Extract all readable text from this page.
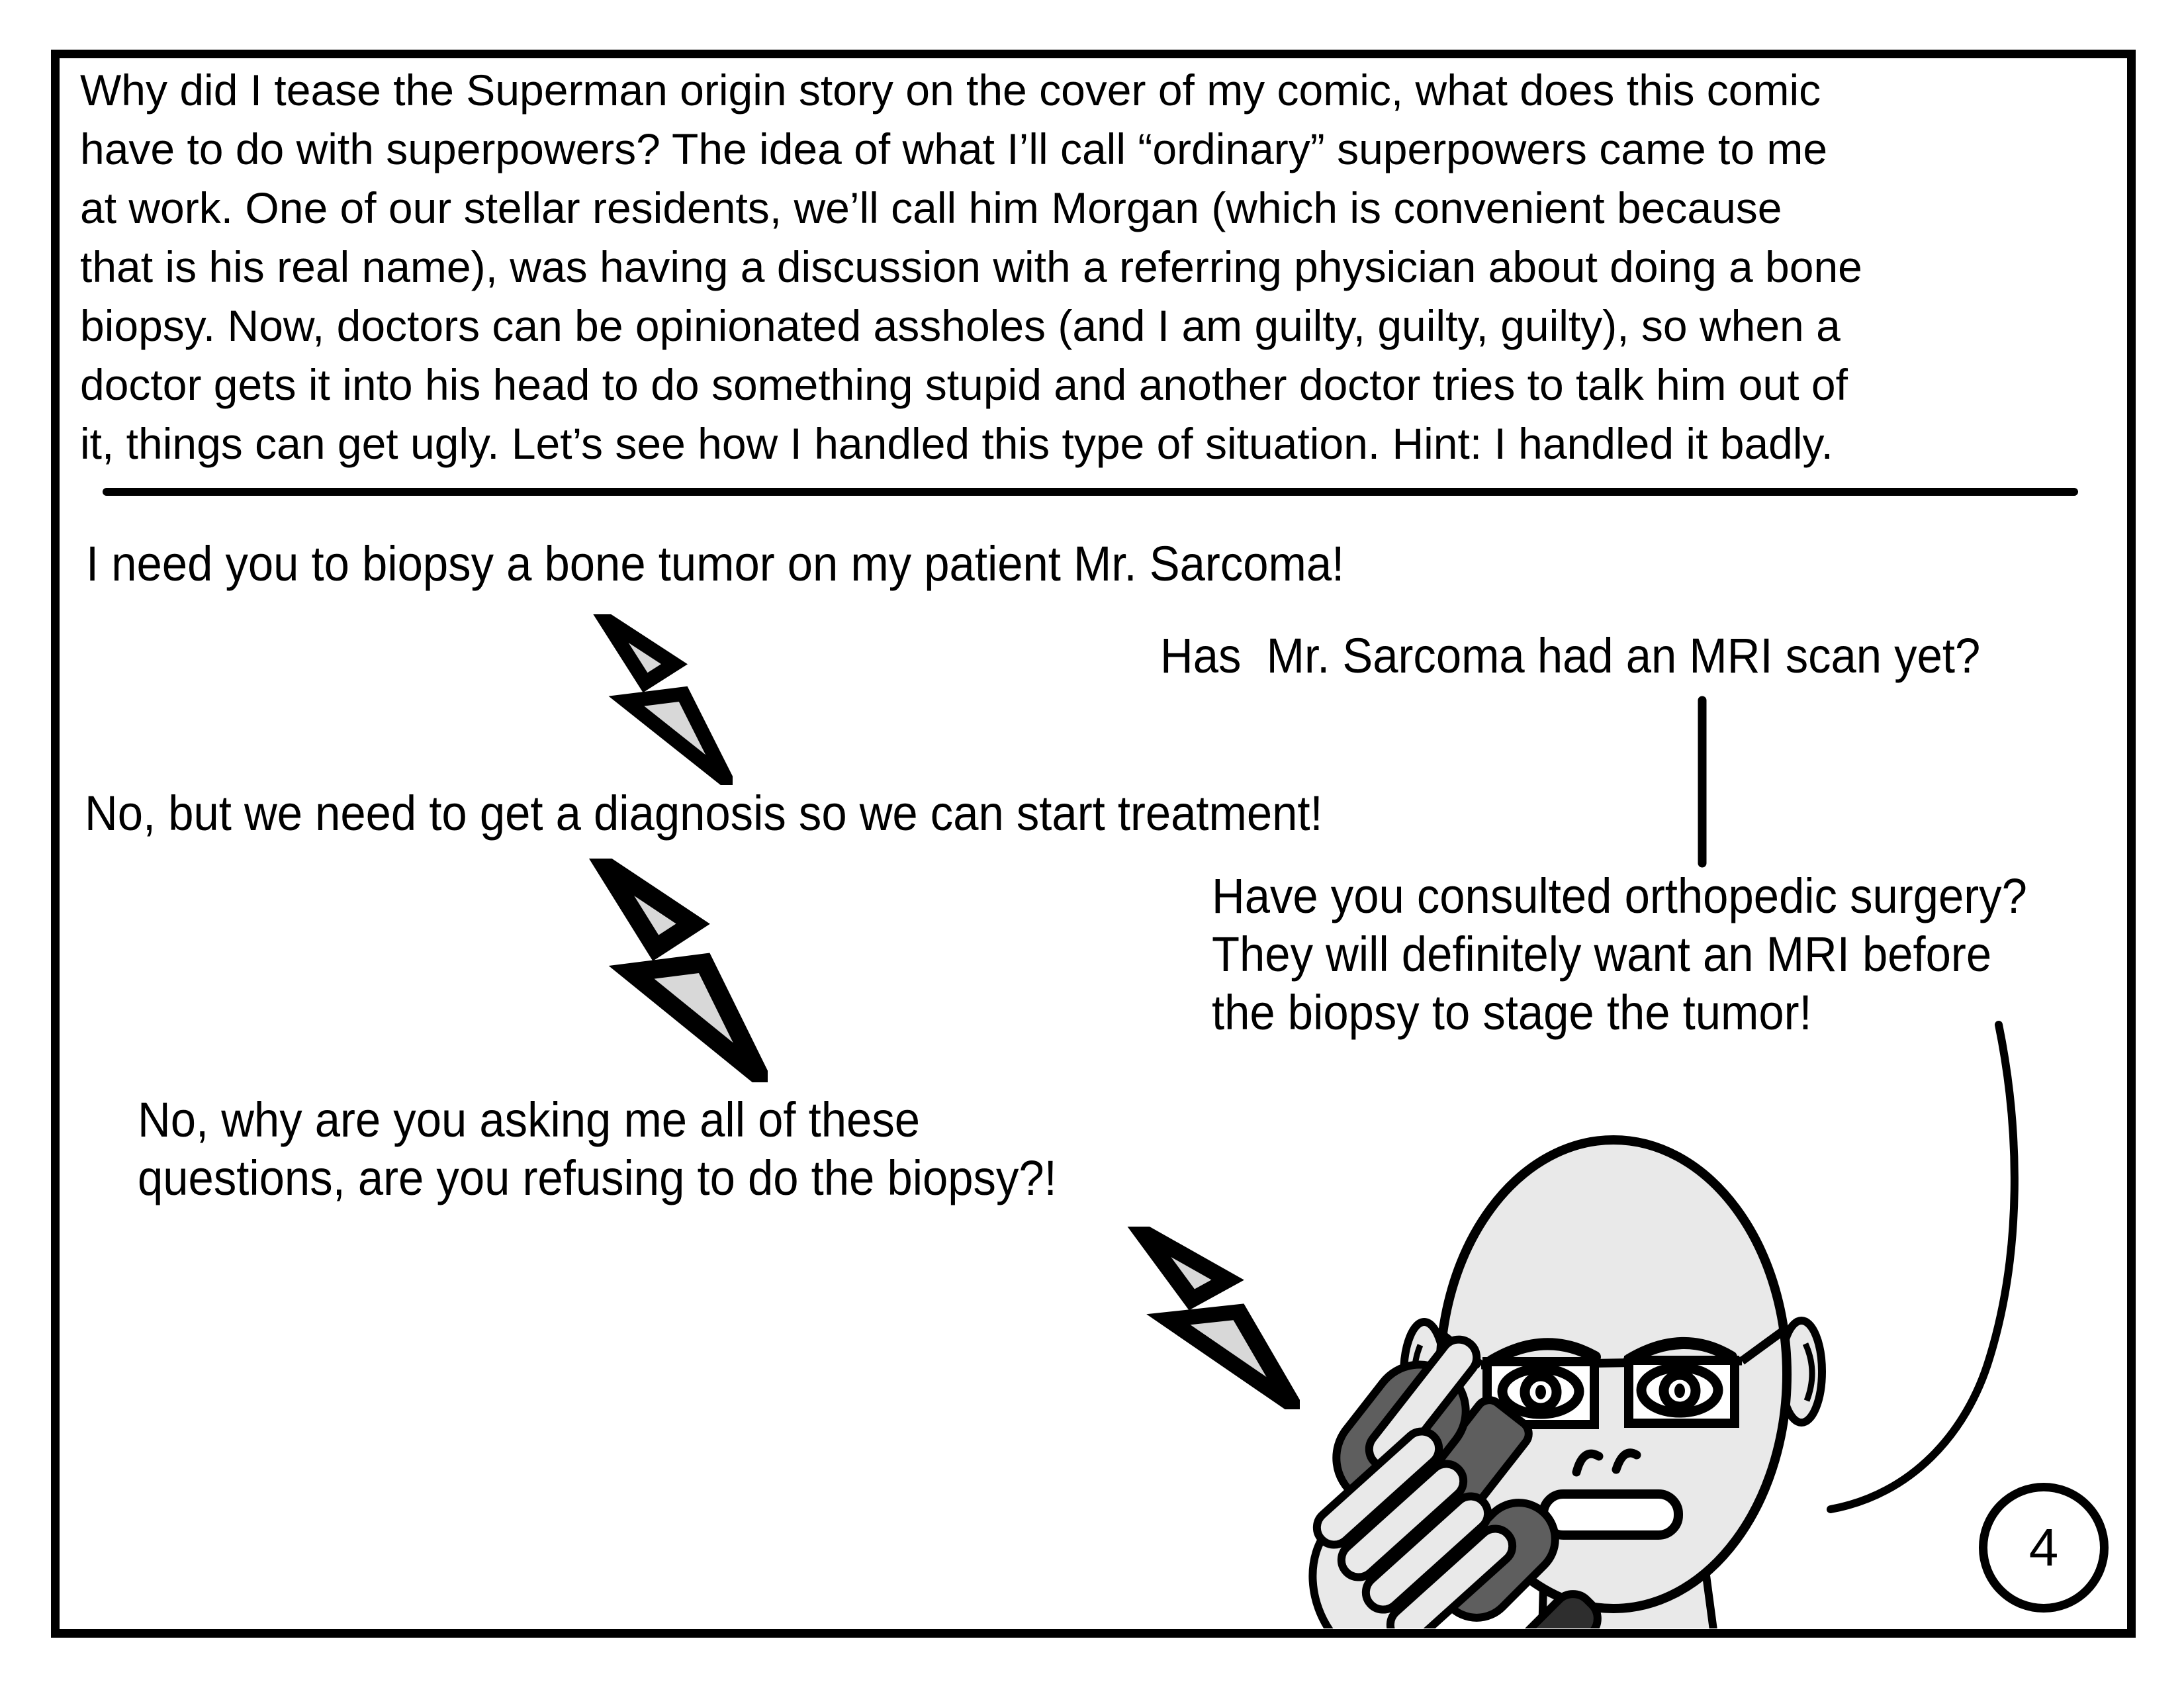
Why did I tease the Superman origin story on the cover of my comic, what does this comic
have to do with superpowers? The idea of what I’ll call “ordinary” superpowers came to me
at work. One of our stellar residents, we’ll call him Morgan (which is convenient because
that is his real name), was having a discussion with a referring physician about doing a bone
biopsy. Now, doctors can be opinionated assholes (and I am guilty, guilty, guilty), so when a
doctor gets it into his head to do something stupid and another doctor tries to talk him out of
it, things can get ugly. Let’s see how I handled this type of situation. Hint: I handled it badly.
I need you to biopsy a bone tumor on my patient Mr. Sarcoma!
Has  Mr. Sarcoma had an MRI scan yet?
No, but we need to get a diagnosis so we can start treatment!
Have you consulted orthopedic surgery?
They will definitely want an MRI before
the biopsy to stage the tumor!
No, why are you asking me all of these
questions, are you refusing to do the biopsy?!
4
